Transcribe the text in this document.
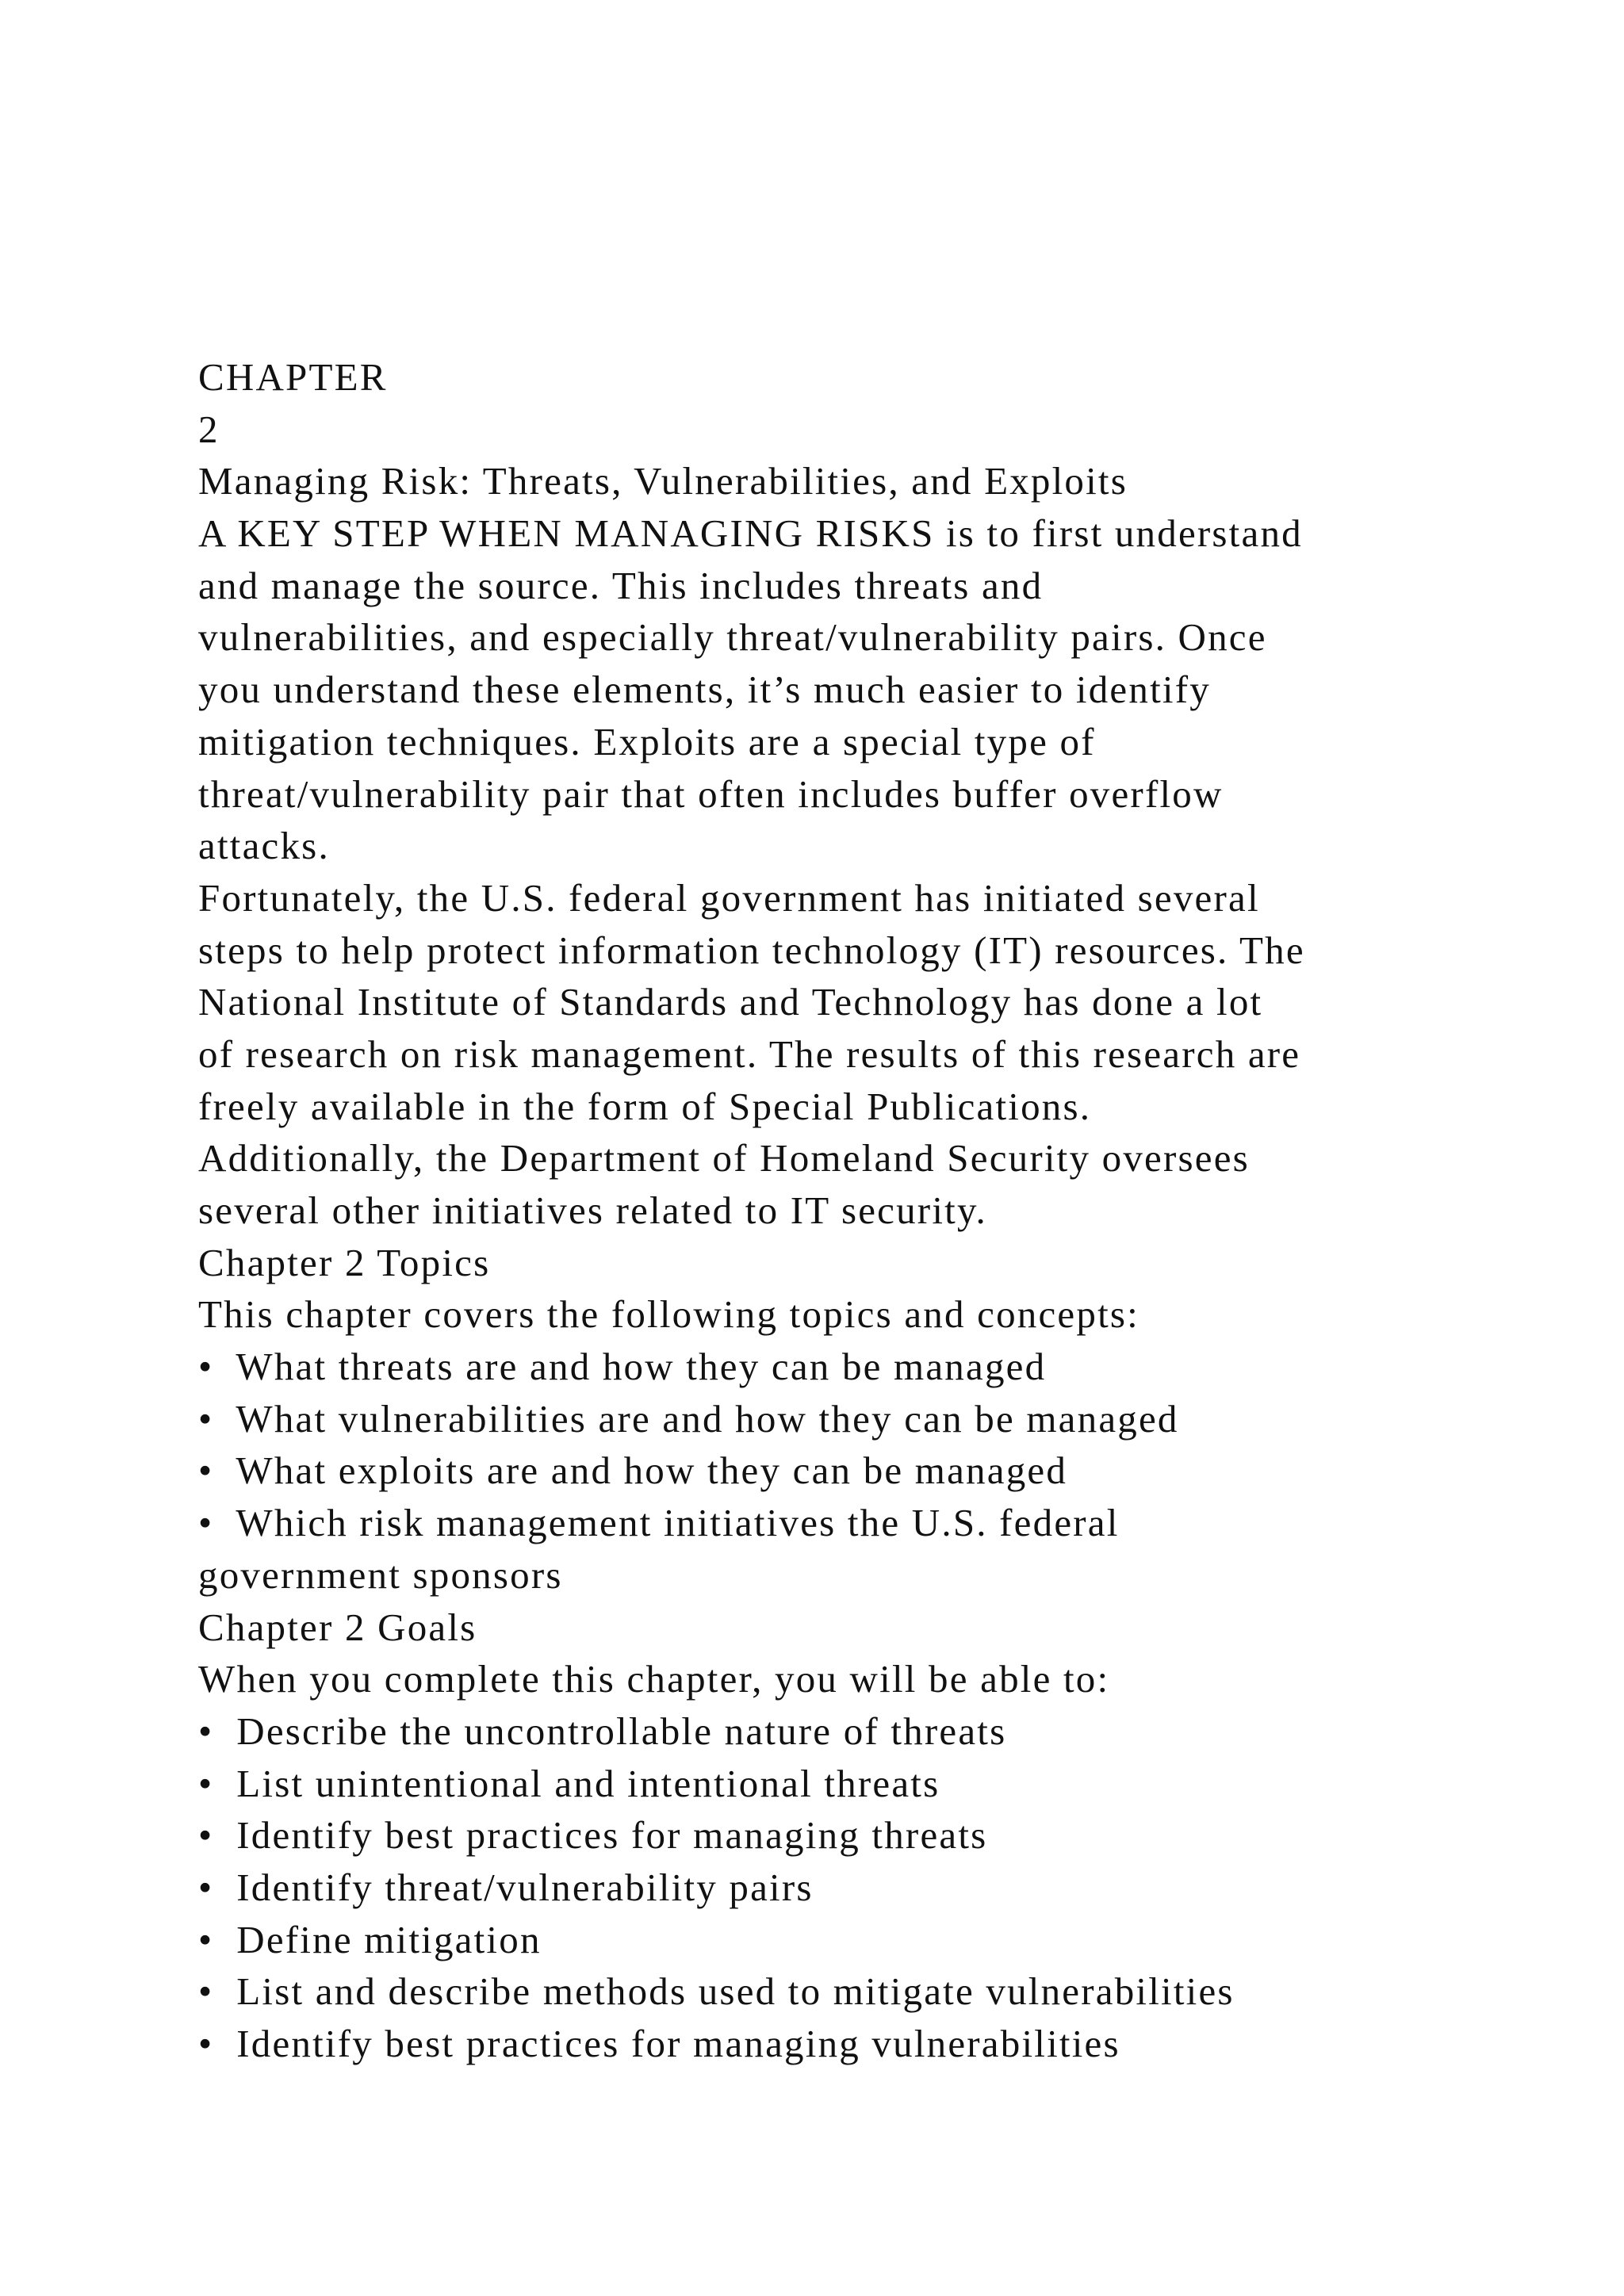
CHAPTER
2
Managing Risk: Threats, Vulnerabilities, and Exploits
A KEY STEP WHEN MANAGING RISKS is to first understand
and manage the source. This includes threats and
vulnerabilities, and especially threat/vulnerability pairs. Once
you understand these elements, it’s much easier to identify
mitigation techniques. Exploits are a special type of
threat/vulnerability pair that often includes buffer overflow
attacks.
Fortunately, the U.S. federal government has initiated several
steps to help protect information technology (IT) resources. The
National Institute of Standards and Technology has done a lot
of research on risk management. The results of this research are
freely available in the form of Special Publications.
Additionally, the Department of Homeland Security oversees
several other initiatives related to IT security.
Chapter 2 Topics
This chapter covers the following topics and concepts:
•  What threats are and how they can be managed
•  What vulnerabilities are and how they can be managed
•  What exploits are and how they can be managed
•  Which risk management initiatives the U.S. federal
government sponsors
Chapter 2 Goals
When you complete this chapter, you will be able to:
•  Describe the uncontrollable nature of threats
•  List unintentional and intentional threats
•  Identify best practices for managing threats
•  Identify threat/vulnerability pairs
•  Define mitigation
•  List and describe methods used to mitigate vulnerabilities
•  Identify best practices for managing vulnerabilities
